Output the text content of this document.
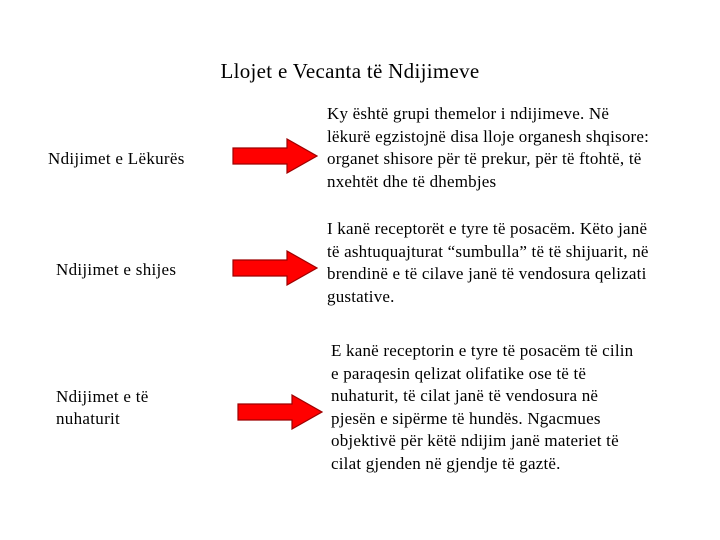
Llojet e Vecanta të Ndijimeve
Ndijimet e Lëkurës
Ky është grupi themelor i ndijimeve. Në
lëkurë egzistojnë disa lloje organesh shqisore:
organet shisore për të prekur, për të ftohtë, të
nxehtët dhe të dhembjes
Ndijimet e shijes
I kanë receptorët e tyre të posacëm. Këto janë
të ashtuquajturat “sumbulla” të të shijuarit, në
brendinë e të cilave janë të vendosura qelizati
gustative.
Ndijimet e të
nuhaturit
E kanë receptorin e tyre të posacëm të cilin
e paraqesin qelizat olifatike ose të të
nuhaturit, të cilat janë të vendosura në
pjesën e sipërme të hundës. Ngacmues
objektivë për këtë ndijim janë materiet të
cilat gjenden në gjendje të gaztë.
